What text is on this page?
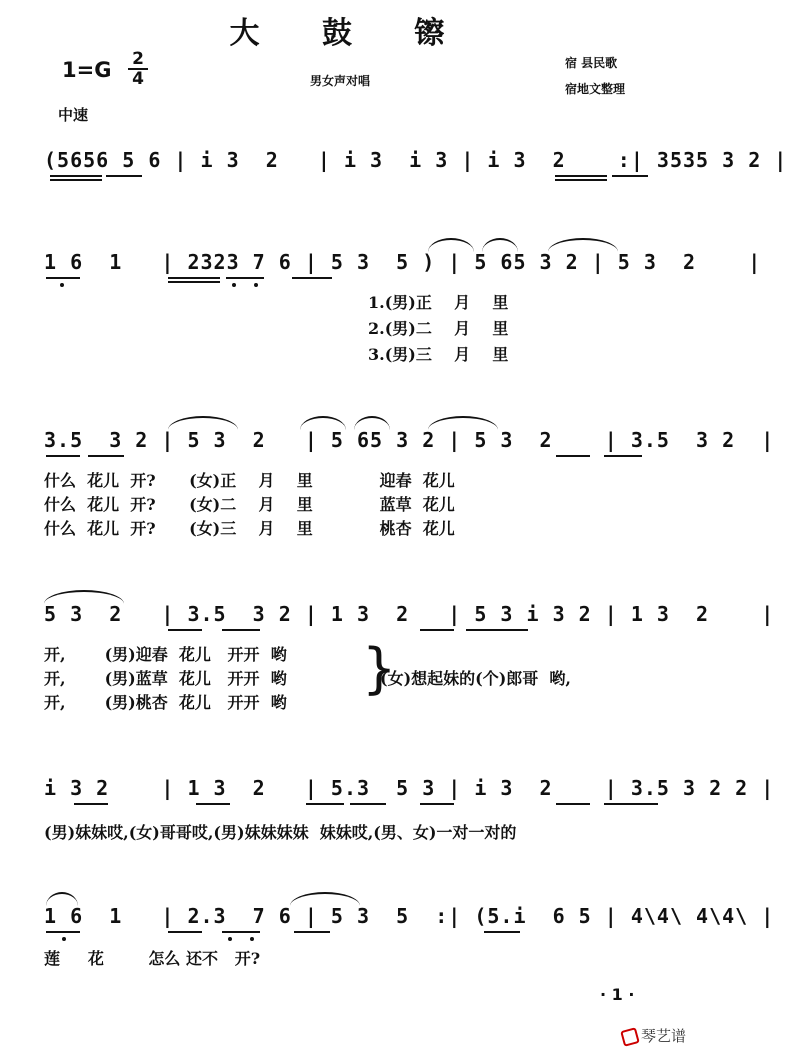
大 鼓 镲
1=G 2
4	男女声对唱
宿 县民歌
宿地文整理
中速
(5656 5 6 | i 3  2   | i 3  i 3 | i 3  2    :| 3535 3 2 |
1 6  1   | 2323 7 6 | 5 3  5 ) | 5 65 3 2 | 5 3  2    |
1.(男)正    月    里
2.(男)二    月    里
3.(男)三    月    里
3.5  3 2 | 5 3  2   | 5 65 3 2 | 5 3  2    | 3.5  3 2  |
什么  花儿  开?      (女)正    月    里            迎春  花儿
什么  花儿  开?      (女)二    月    里            蓝草  花儿
什么  花儿  开?      (女)三    月    里            桃杏  花儿
5 3  2   | 3.5  3 2 | 1 3  2   | 5 3 i 3 2 | 1 3  2    |
开,       (男)迎春  花儿   开开  哟
开,       (男)蓝草  花儿   开开  哟
开,       (男)桃杏  花儿   开开  哟
}
(女)想起妹的(个)郎哥  哟,
i 3 2    | 1 3  2   | 5.3  5 3 | i 3  2    | 3.5 3 2 2 |
(男)妹妹哎,(女)哥哥哎,(男)妹妹妹妹  妹妹哎,(男、女)一对一对的
1 6  1   | 2.3  7 6 | 5 3  5  :| (5.i  6 5 | 4\4\ 4\4\ |
莲     花        怎么 还不   开?
· 1 ·
琴艺谱
